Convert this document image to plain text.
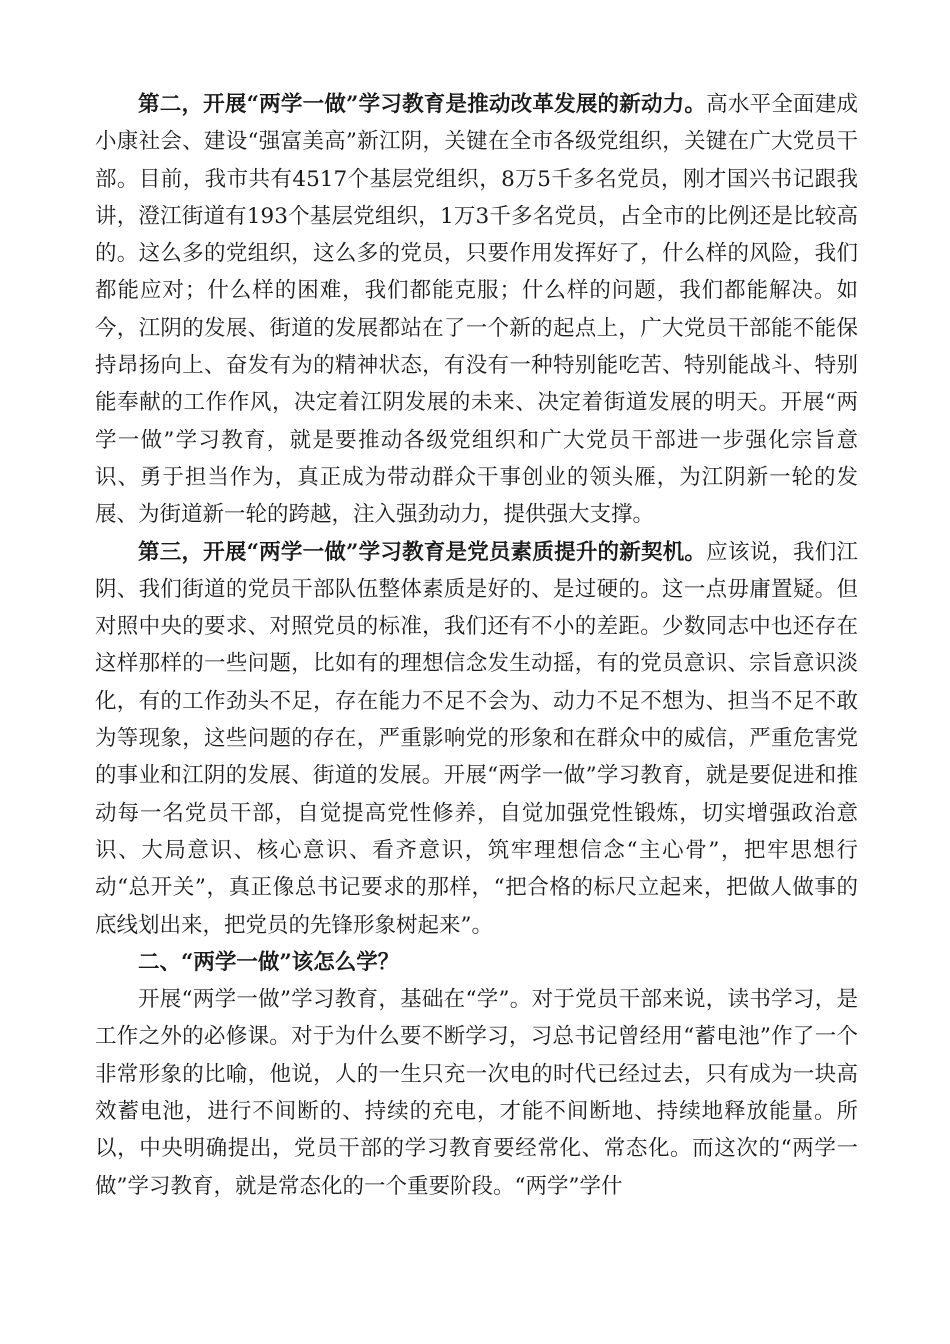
第二，开展“两学一做”学习教育是推动改革发展的新动力。高水平全面建成小康社会、建设“强富美高”新江阴，关键在全市各级党组织，关键在广大党员干部。目前，我市共有4517个基层党组织，8万5千多名党员，刚才国兴书记跟我讲，澄江街道有193个基层党组织，1万3千多名党员，占全市的比例还是比较高的。这么多的党组织，这么多的党员，只要作用发挥好了，什么样的风险，我们都能应对；什么样的困难，我们都能克服；什么样的问题，我们都能解决。如今，江阴的发展、街道的发展都站在了一个新的起点上，广大党员干部能不能保持昂扬向上、奋发有为的精神状态，有没有一种特别能吃苦、特别能战斗、特别能奉献的工作作风，决定着江阴发展的未来、决定着街道发展的明天。开展“两学一做”学习教育，就是要推动各级党组织和广大党员干部进一步强化宗旨意识、勇于担当作为，真正成为带动群众干事创业的领头雁，为江阴新一轮的发展、为街道新一轮的跨越，注入强劲动力，提供强大支撑。

第三，开展“两学一做”学习教育是党员素质提升的新契机。应该说，我们江阴、我们街道的党员干部队伍整体素质是好的、是过硬的。这一点毋庸置疑。但对照中央的要求、对照党员的标准，我们还有不小的差距。少数同志中也还存在这样那样的一些问题，比如有的理想信念发生动摇，有的党员意识、宗旨意识淡化，有的工作劲头不足，存在能力不足不会为、动力不足不想为、担当不足不敢为等现象，这些问题的存在，严重影响党的形象和在群众中的威信，严重危害党的事业和江阴的发展、街道的发展。开展“两学一做”学习教育，就是要促进和推动每一名党员干部，自觉提高党性修养，自觉加强党性锻炼，切实增强政治意识、大局意识、核心意识、看齐意识，筑牢理想信念“主心骨”，把牢思想行动“总开关”，真正像总书记要求的那样，“把合格的标尺立起来，把做人做事的底线划出来，把党员的先锋形象树起来”。

二、“两学一做”该怎么学？

开展“两学一做”学习教育，基础在“学”。对于党员干部来说，读书学习，是工作之外的必修课。对于为什么要不断学习，习总书记曾经用“蓄电池”作了一个非常形象的比喻，他说，人的一生只充一次电的时代已经过去，只有成为一块高效蓄电池，进行不间断的、持续的充电，才能不间断地、持续地释放能量。所以，中央明确提出，党员干部的学习教育要经常化、常态化。而这次的“两学一做”学习教育，就是常态化的一个重要阶段。“两学”学什
